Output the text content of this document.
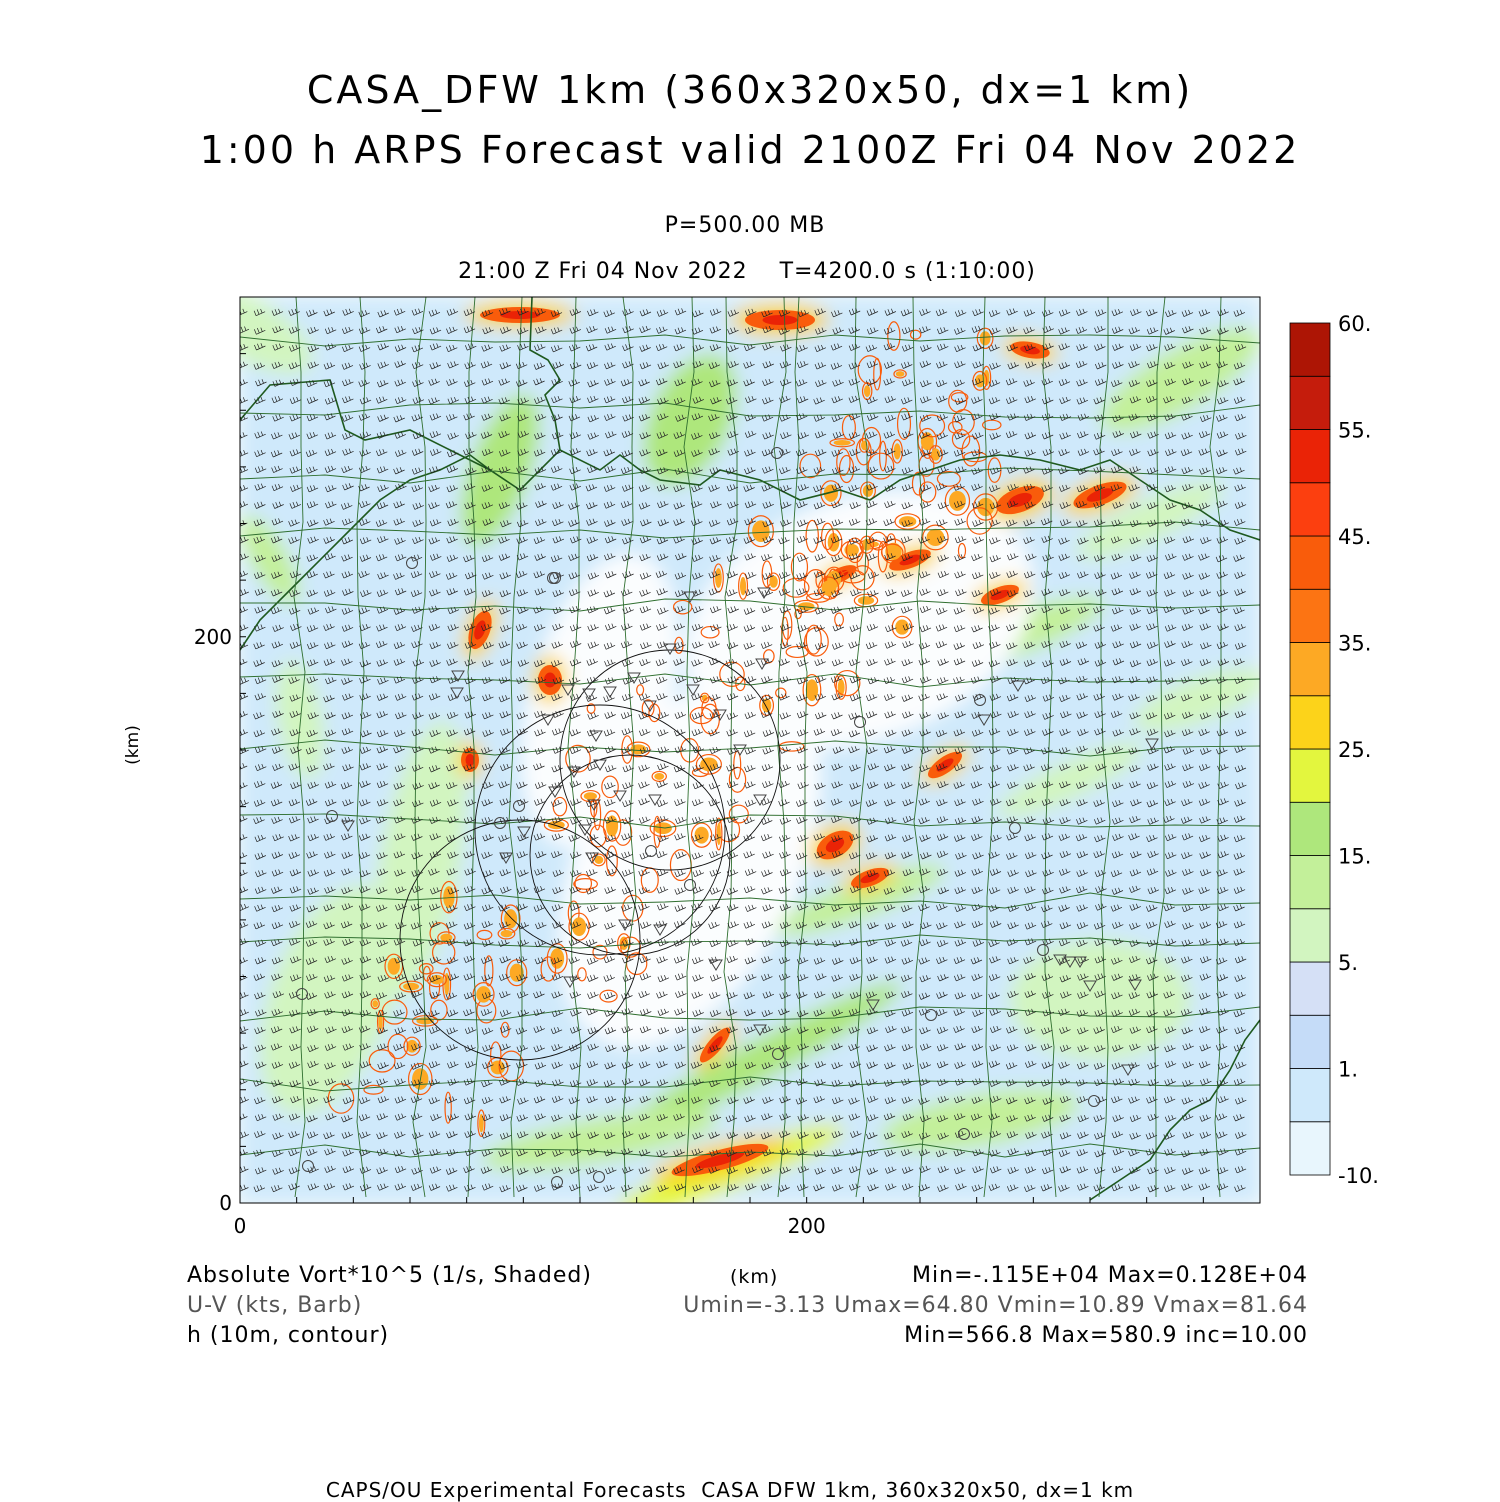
CASA_DFW 1km (360x320x50, dx=1 km)
1:00 h ARPS Forecast valid 2100Z Fri 04 Nov 2022
P=500.00 MB
21:00 Z Fri 04 Nov 2022    T=4200.0 s (1:10:00)
0	200
0
200
-10.
1.
5.
15.
25.
35.
45.
55.
60.
(km)
Absolute Vort*10^5 (1/s, Shaded)
U-V (kts, Barb)
h (10m, contour)
(km)	Min=-.115E+04 Max=0.128E+04
Umin=-3.13 Umax=64.80 Vmin=10.89 Vmax=81.64
Min=566.8 Max=580.9 inc=10.00
CAPS/OU Experimental Forecasts  CASA DFW 1km, 360x320x50, dx=1 km
